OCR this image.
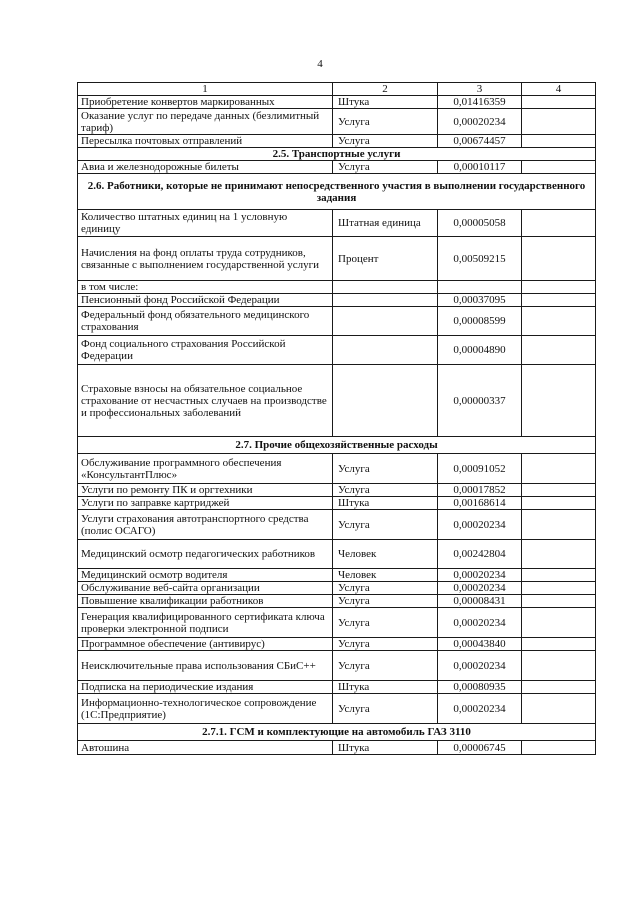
4
1	2	3	4
Приобретение конвертов маркированных	Штука	0,01416359	
Оказание услуг по передаче данных (безлимитный тариф)	Услуга	0,00020234	
Пересылка почтовых отправлений	Услуга	0,00674457	
2.5. Транспортные услуги			
Авиа и железнодорожные билеты	Услуга	0,00010117	
2.6. Работники, которые не принимают непосредственного участия в выполнении государственного задания			
Количество штатных единиц на 1 условную единицу	Штатная единица	0,00005058	
Начисления на фонд оплаты труда сотрудников, связанные с выполнением государственной услуги	Процент	0,00509215	
в том числе:			
Пенсионный фонд Российской Федерации		0,00037095	
Федеральный фонд обязательного медицинского страхования		0,00008599	
Фонд социального страхования Российской Федерации		0,00004890	
Страховые взносы на обязательное социальное страхование от несчастных случаев на производстве и профессиональных заболеваний		0,00000337	
2.7. Прочие общехозяйственные расходы			
Обслуживание программного обеспечения «КонсультантПлюс»	Услуга	0,00091052	
Услуги по ремонту ПК и оргтехники	Услуга	0,00017852	
Услуги по заправке картриджей	Штука	0,00168614	
Услуги страхования автотранспортного средства (полис ОСАГО)	Услуга	0,00020234	
Медицинский осмотр педагогических работников	Человек	0,00242804	
Медицинский осмотр водителя	Человек	0,00020234	
Обслуживание веб-сайта организации	Услуга	0,00020234	
Повышение квалификации работников	Услуга	0,00008431	
Генерация квалифицированного сертификата ключа проверки электронной подписи	Услуга	0,00020234	
Программное обеспечение (антивирус)	Услуга	0,00043840	
Неисключительные права использования СБиС++	Услуга	0,00020234	
Подписка на периодические издания	Штука	0,00080935	
Информационно-технологическое сопровождение (1С:Предприятие)	Услуга	0,00020234	
2.7.1. ГСМ и комплектующие на автомобиль ГАЗ 3110			
Автошина	Штука	0,00006745	
